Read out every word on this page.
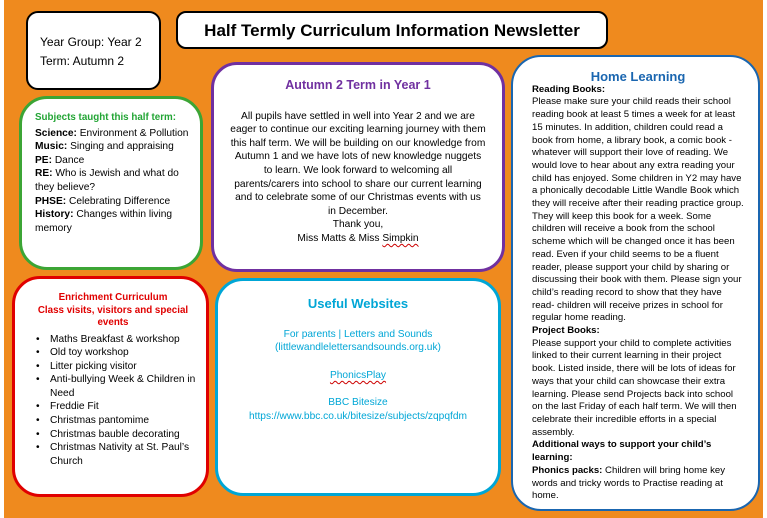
Year Group: Year 2
Term: Autumn 2
Half Termly Curriculum Information Newsletter
Subjects taught this half term:
Science: Environment & Pollution
Music: Singing and appraising
PE: Dance
RE: Who is Jewish and what do they believe?
PHSE: Celebrating Difference
History: Changes within living memory
Autumn 2 Term in Year 1
All pupils have settled in well into Year 2 and we are eager to continue our exciting learning journey with them this half term. We will be building on our knowledge from Autumn 1 and we have lots of new knowledge nuggets to learn. We look forward to welcoming all parents/carers into school to share our current learning and to celebrate some of our Christmas events with us in December.
Thank you,
Miss Matts & Miss Simpkin
Enrichment Curriculum
Class visits, visitors and special events
• Maths Breakfast & workshop
• Old toy workshop
• Litter picking visitor
• Anti-bullying Week & Children in Need
• Freddie Fit
• Christmas pantomime
• Christmas bauble decorating
• Christmas Nativity at St. Paul’s Church
Useful Websites
For parents | Letters and Sounds
(littlewandlelettersandsounds.org.uk)
PhonicsPlay
BBC Bitesize
https://www.bbc.co.uk/bitesize/subjects/zqpqfdm
Home Learning
Reading Books:
Please make sure your child reads their school reading book at least 5 times a week for at least 15 minutes. In addition, children could read a book from home, a library book, a comic book - whatever will support their love of reading. We would love to hear about any extra reading your child has enjoyed. Some children in Y2 may have a phonically decodable Little Wandle Book which they will receive after their reading practice group. They will keep this book for a week. Some children will receive a book from the school scheme which will be changed once it has been read. Even if your child seems to be a fluent reader, please support your child by sharing or discussing their book with them. Please sign your child’s reading record to show that they have read- children will receive prizes in school for regular home reading.
Project Books:
Please support your child to complete activities linked to their current learning in their project book. Listed inside, there will be lots of ideas for ways that your child can showcase their extra learning. Please send Projects back into school on the last Friday of each half term. We will then celebrate their incredible efforts in a special assembly.
Additional ways to support your child’s learning:
Phonics packs: Children will bring home key words and tricky words to Practise reading at home.
